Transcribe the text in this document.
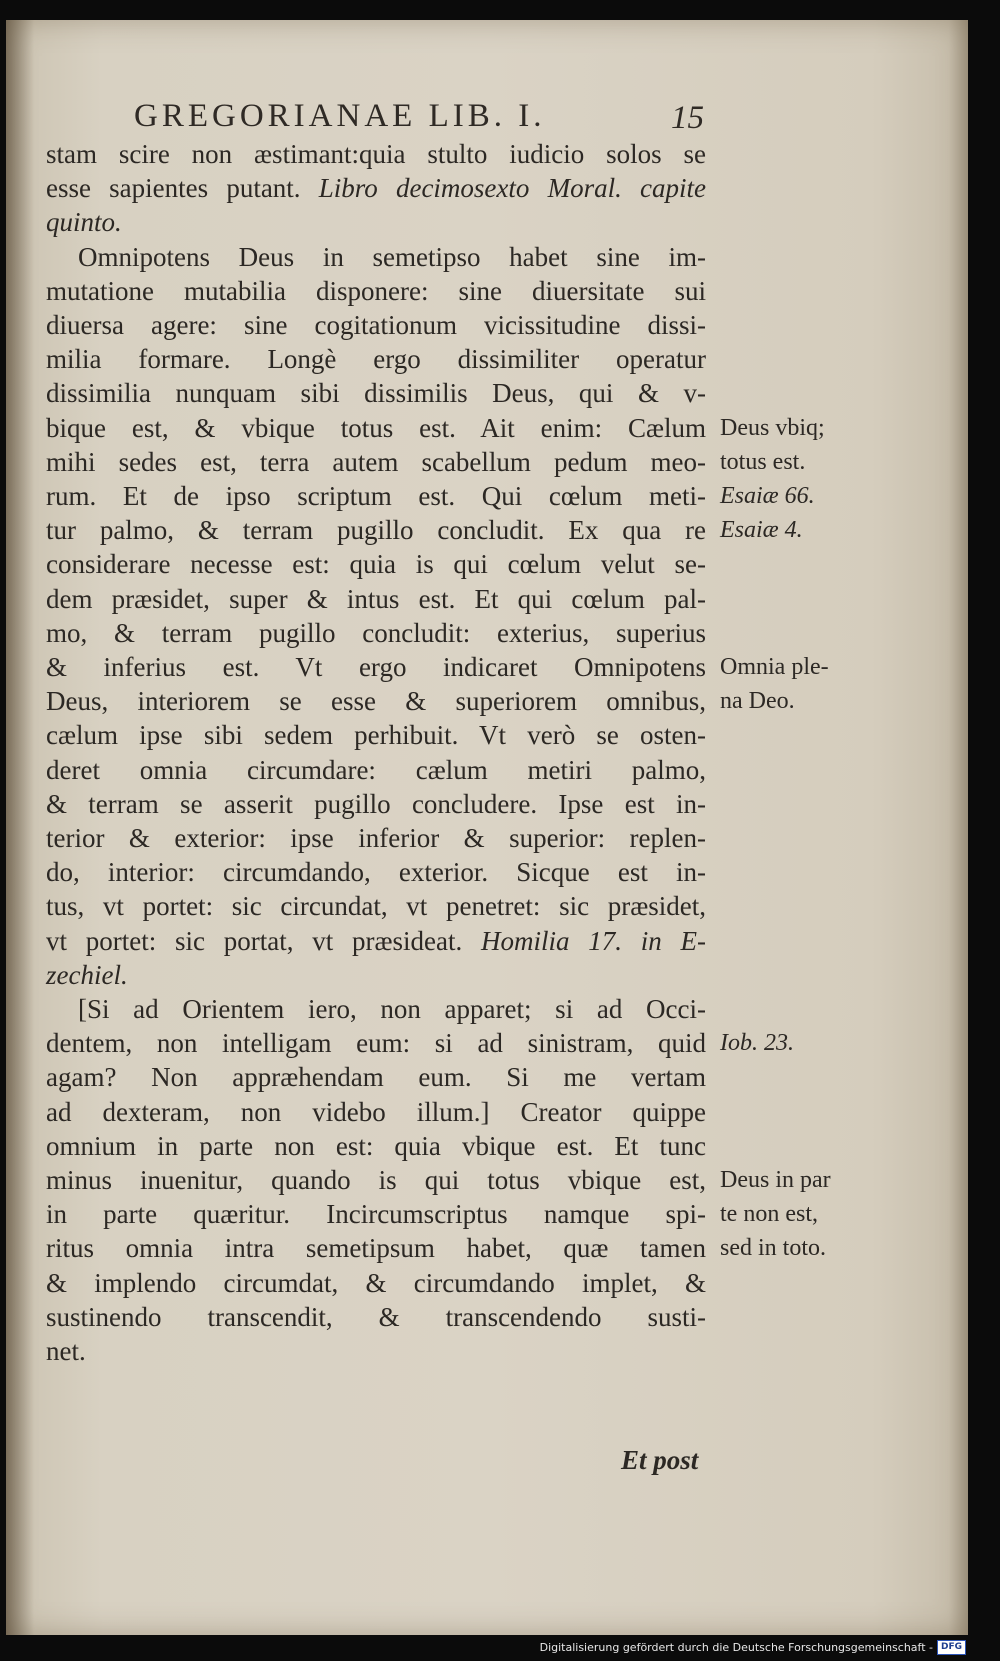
GREGORIANAE LIB. I.	15
stam scire non æstimant:quia stulto iudicio solos se
esse sapientes putant. Libro decimosexto Moral. capite
quinto.
Omnipotens Deus in semetipso habet sine im-
mutatione mutabilia disponere: sine diuersitate sui
diuersa agere: sine cogitationum vicissitudine dissi-
milia formare. Longè ergo dissimiliter operatur
dissimilia nunquam sibi dissimilis Deus, qui & v-
bique est, & vbique totus est. Ait enim: Cælum
mihi sedes est, terra autem scabellum pedum meo-
rum. Et de ipso scriptum est. Qui cœlum meti-
tur palmo, & terram pugillo concludit. Ex qua re
considerare necesse est: quia is qui cœlum velut se-
dem præsidet, super & intus est. Et qui cœlum pal-
mo, & terram pugillo concludit: exterius, superius
& inferius est. Vt ergo indicaret Omnipotens
Deus, interiorem se esse & superiorem omnibus,
cælum ipse sibi sedem perhibuit. Vt verò se osten-
deret omnia circumdare: cælum metiri palmo,
& terram se asserit pugillo concludere. Ipse est in-
terior & exterior: ipse inferior & superior: replen-
do, interior: circumdando, exterior. Sicque est in-
tus, vt portet: sic circundat, vt penetret: sic præsidet,
vt portet: sic portat, vt præsideat. Homilia 17. in E-
zechiel.
[Si ad Orientem iero, non apparet; si ad Occi-
dentem, non intelligam eum: si ad sinistram, quid
agam? Non appræhendam eum. Si me vertam
ad dexteram, non videbo illum.] Creator quippe
omnium in parte non est: quia vbique est. Et tunc
minus inuenitur, quando is qui totus vbique est,
in parte quæritur. Incircumscriptus namque spi-
ritus omnia intra semetipsum habet, quæ tamen
& implendo circumdat, & circumdando implet, &
sustinendo transcendit, & transcendendo susti-
net.
Deus vbiq;
totus est.
Esaiæ 66.
Esaiæ 4.
Omnia ple-
na Deo.
Iob. 23.
Deus in par
te non est,
sed in toto.
Et post
Digitalisierung gefördert durch die Deutsche Forschungsgemeinschaft - DFG
